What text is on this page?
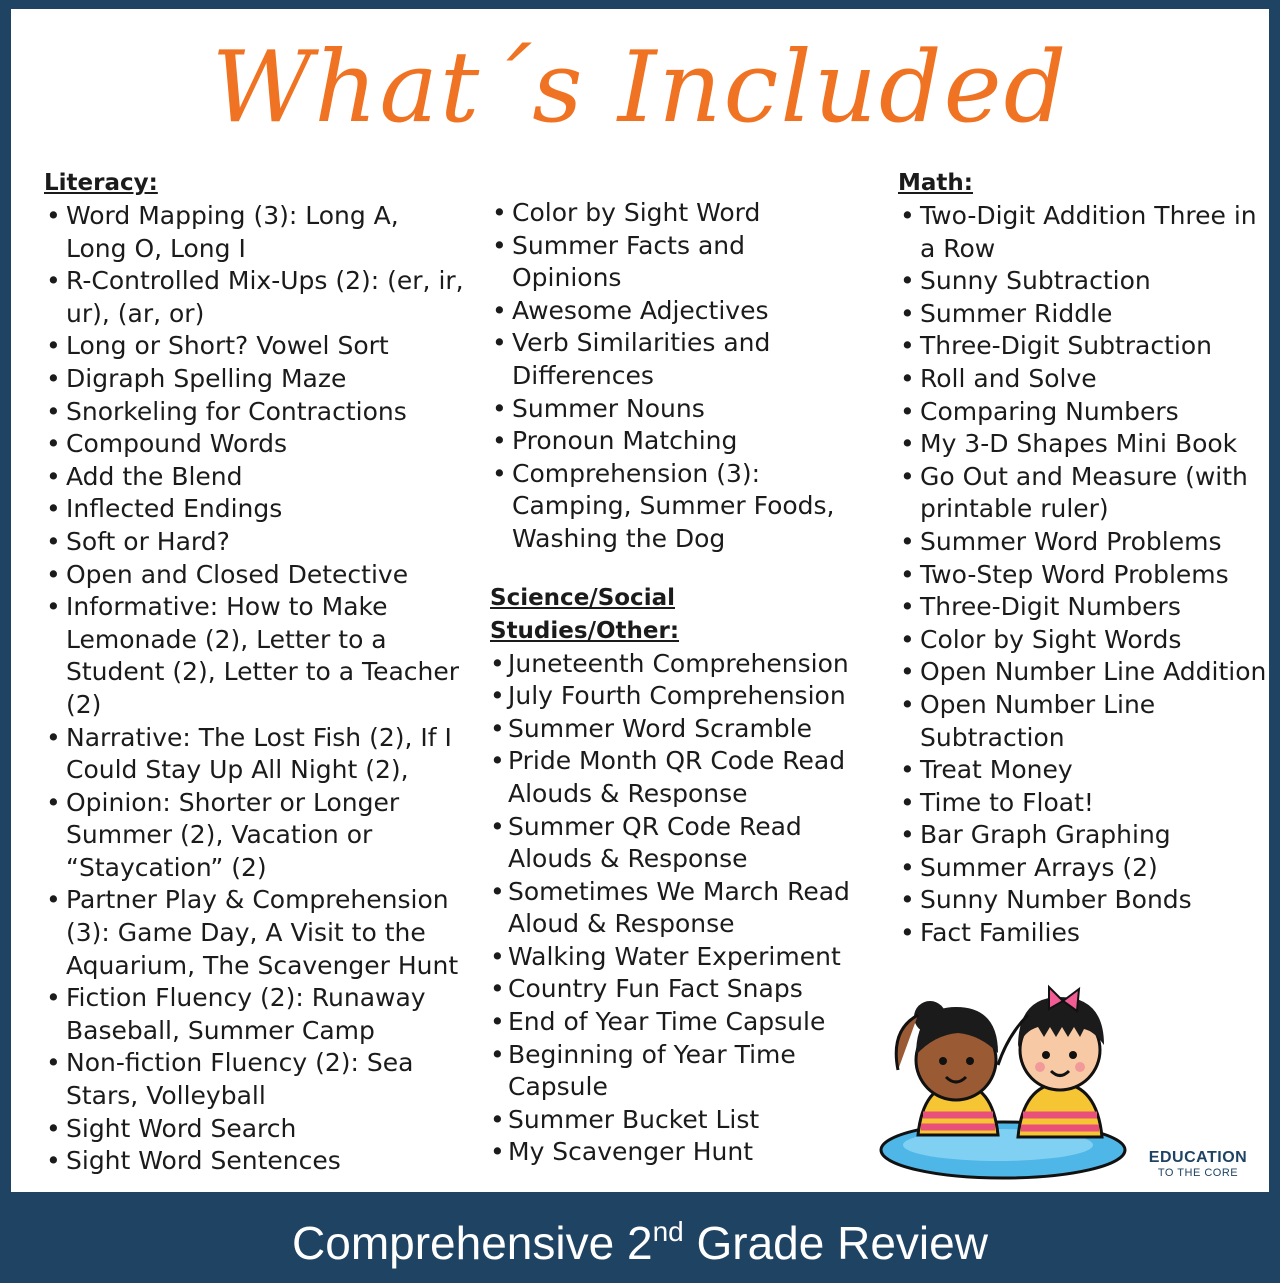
What´s Included
Literacy:
• Word Mapping (3): Long A, Long O, Long I
• R-Controlled Mix-Ups (2): (er, ir, ur), (ar, or)
• Long or Short? Vowel Sort
• Digraph Spelling Maze
• Snorkeling for Contractions
• Compound Words
• Add the Blend
• Inflected Endings
• Soft or Hard?
• Open and Closed Detective
• Informative: How to Make Lemonade (2), Letter to a Student (2), Letter to a Teacher (2)
• Narrative: The Lost Fish (2), If I Could Stay Up All Night (2),
• Opinion: Shorter or Longer Summer (2), Vacation or “Staycation” (2)
• Partner Play & Comprehension (3): Game Day, A Visit to the Aquarium, The Scavenger Hunt
• Fiction Fluency (2): Runaway Baseball, Summer Camp
• Non-fiction Fluency (2): Sea Stars, Volleyball
• Sight Word Search
• Sight Word Sentences
• Color by Sight Word
• Summer Facts and Opinions
• Awesome Adjectives
• Verb Similarities and Differences
• Summer Nouns
• Pronoun Matching
• Comprehension (3): Camping, Summer Foods, Washing the Dog
Science/Social Studies/Other:
• Juneteenth Comprehension
• July Fourth Comprehension
• Summer Word Scramble
• Pride Month QR Code Read Alouds & Response
• Summer QR Code Read Alouds & Response
• Sometimes We March Read Aloud & Response
• Walking Water Experiment
• Country Fun Fact Snaps
• End of Year Time Capsule
• Beginning of Year Time Capsule
• Summer Bucket List
• My Scavenger Hunt
Math:
• Two-Digit Addition Three in a Row
• Sunny Subtraction
• Summer Riddle
• Three-Digit Subtraction
• Roll and Solve
• Comparing Numbers
• My 3-D Shapes Mini Book
• Go Out and Measure (with printable ruler)
• Summer Word Problems
• Two-Step Word Problems
• Three-Digit Numbers
• Color by Sight Words
• Open Number Line Addition
• Open Number Line Subtraction
• Treat Money
• Time to Float!
• Bar Graph Graphing
• Summer Arrays (2)
• Sunny Number Bonds
• Fact Families
EDUCATION
TO THE CORE
Comprehensive 2nd Grade Review
